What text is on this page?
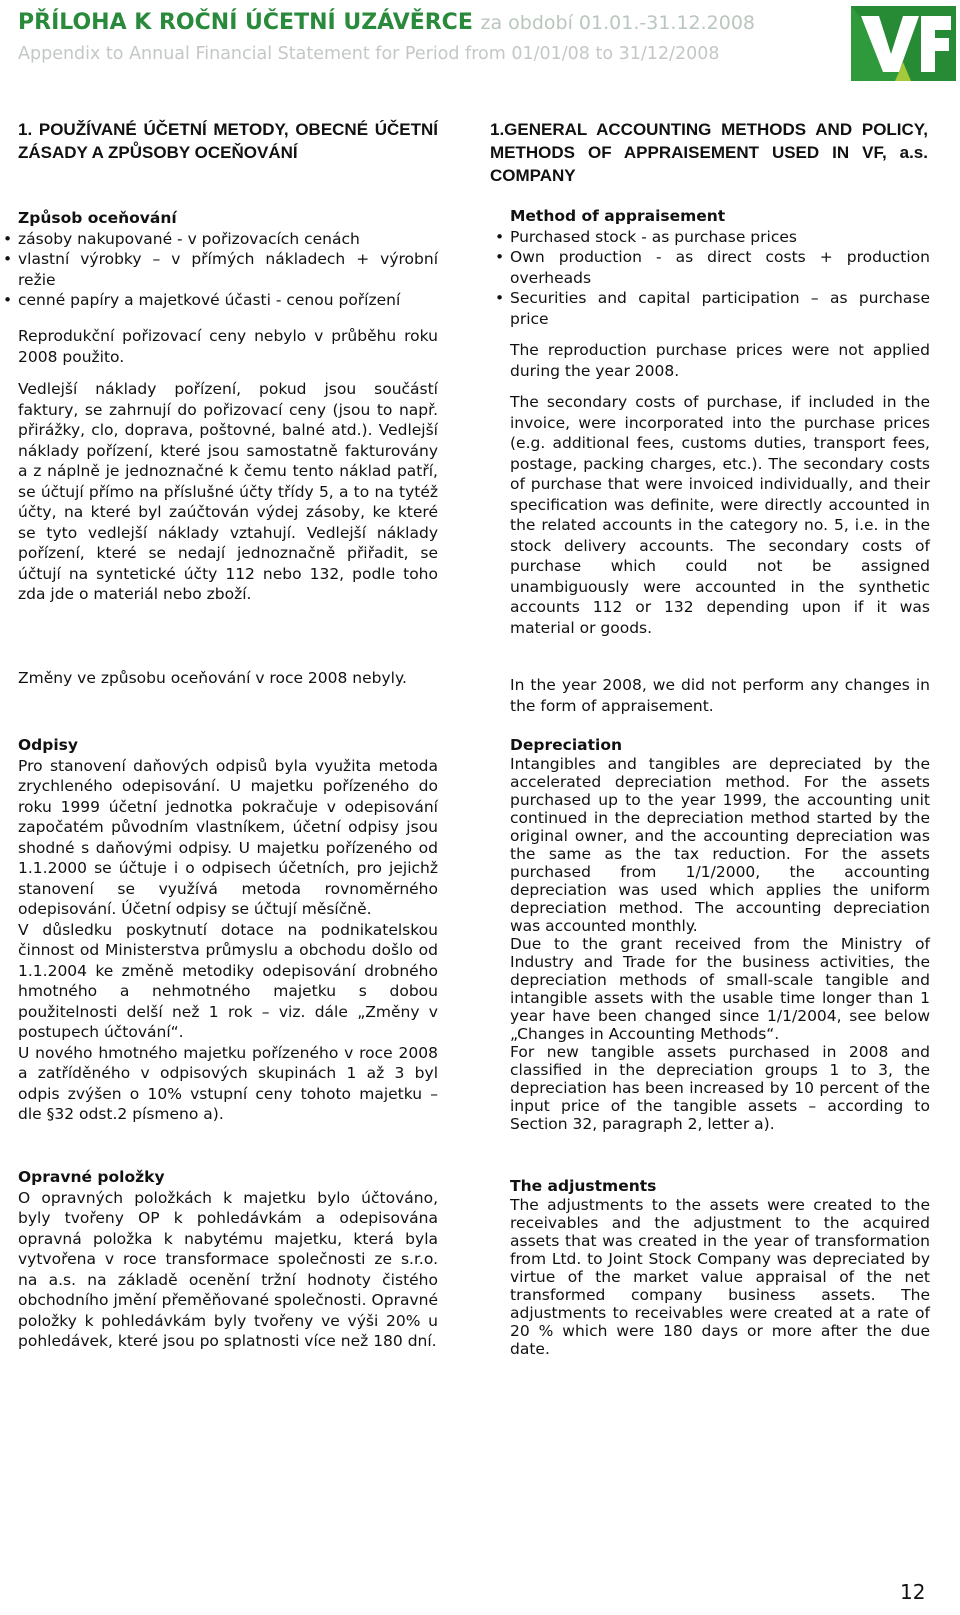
PŘÍLOHA K ROČNÍ ÚČETNÍ UZÁVĚRCE za období 01.01.-31.12.2008
Appendix to Annual Financial Statement for Period from 01/01/08 to 31/12/2008
1. POUŽÍVANÉ ÚČETNÍ METODY, OBECNÉ ÚČETNÍ ZÁSADY A ZPŮSOBY OCEŇOVÁNÍ

Způsob oceňování

• zásoby nakupované - v pořizovacích cenách
• vlastní výrobky – v přímých nákladech + výrobní režie
• cenné papíry a majetkové účasti - cenou pořízení
Reprodukční pořizovací ceny nebylo v průběhu roku 2008 použito.
Vedlejší náklady pořízení, pokud jsou součástí faktury, se zahrnují do pořizovací ceny (jsou to např. přirážky, clo, doprava, poštovné, balné atd.). Vedlejší náklady pořízení, které jsou samostatně fakturovány a z náplně je jednoznačné k čemu tento náklad patří, se účtují přímo na příslušné účty třídy 5, a to na tytéž účty, na které byl zaúčtován výdej zásoby, ke které se tyto vedlejší náklady vztahují. Vedlejší náklady pořízení, které se nedají jednoznačně přiřadit, se účtují na syntetické účty 112 nebo 132, podle toho zda jde o materiál nebo zboží.
Změny ve způsobu oceňování v roce 2008 nebyly.

Odpisy

Pro stanovení daňových odpisů byla využita metoda zrychleného odepisování. U majetku pořízeného do roku 1999 účetní jednotka pokračuje v odepisování započatém původním vlastníkem, účetní odpisy jsou shodné s daňovými odpisy. U majetku pořízeného od 1.1.2000 se účtuje i o odpisech účetních, pro jejichž stanovení se využívá metoda rovnoměrného odepisování. Účetní odpisy se účtují měsíčně.

V důsledku poskytnutí dotace na podnikatelskou činnost od Ministerstva průmyslu a obchodu došlo od 1.1.2004 ke změně metodiky odepisování drobného hmotného a nehmotného majetku s dobou použitelnosti delší než 1 rok – viz. dále „Změny v postupech účtování“.

U nového hmotného majetku pořízeného v roce 2008 a zatříděného v odpisových skupinách 1 až 3 byl odpis zvýšen o 10% vstupní ceny tohoto majetku – dle §32 odst.2 písmeno a).

Opravné položky

O opravných položkách k majetku bylo účtováno, byly tvořeny OP k pohledávkám a odepisována opravná položka k nabytému majetku, která byla vytvořena v roce transformace společnosti ze s.r.o. na a.s. na základě ocenění tržní hodnoty čistého obchodního jmění přeměňované společnosti. Opravné položky k pohledávkám byly tvořeny ve výši 20% u pohledávek, které jsou po splatnosti více než 180 dní.

1.GENERAL ACCOUNTING METHODS AND POLICY, METHODS OF APPRAISEMENT USED IN VF, a.s. COMPANY

Method of appraisement

• Purchased stock - as purchase prices
• Own production - as direct costs + production overheads
• Securities and capital participation – as purchase price
The reproduction purchase prices were not applied during the year 2008.
The secondary costs of purchase, if included in the invoice, were incorporated into the purchase prices (e.g. additional fees, customs duties, transport fees, postage, packing charges, etc.). The secondary costs of purchase that were invoiced individually, and their specification was definite, were directly accounted in the related accounts in the category no. 5, i.e. in the stock delivery accounts. The secondary costs of purchase which could not be assigned unambiguously were accounted in the synthetic accounts 112 or 132 depending upon if it was material or goods.
In the year 2008, we did not perform any changes in the form of appraisement.

Depreciation

Intangibles and tangibles are depreciated by the accelerated depreciation method. For the assets purchased up to the year 1999, the accounting unit continued in the depreciation method started by the original owner, and the accounting depreciation was the same as the tax reduction. For the assets purchased from 1/1/2000, the accounting depreciation was used which applies the uniform depreciation method. The accounting depreciation was accounted monthly.

Due to the grant received from the Ministry of Industry and Trade for the business activities, the depreciation methods of small-scale tangible and intangible assets with the usable time longer than 1 year have been changed since 1/1/2004, see below „Changes in Accounting Methods“.

For new tangible assets purchased in 2008 and classified in the depreciation groups 1 to 3, the depreciation has been increased by 10 percent of the input price of the tangible assets – according to Section 32, paragraph 2, letter a).

The adjustments

The adjustments to the assets were created to the receivables and the adjustment to the acquired assets that was created in the year of transformation from Ltd. to Joint Stock Company was depreciated by virtue of the market value appraisal of the net transformed company business assets. The adjustments to receivables were created at a rate of 20 % which were 180 days or more after the due date.

12
